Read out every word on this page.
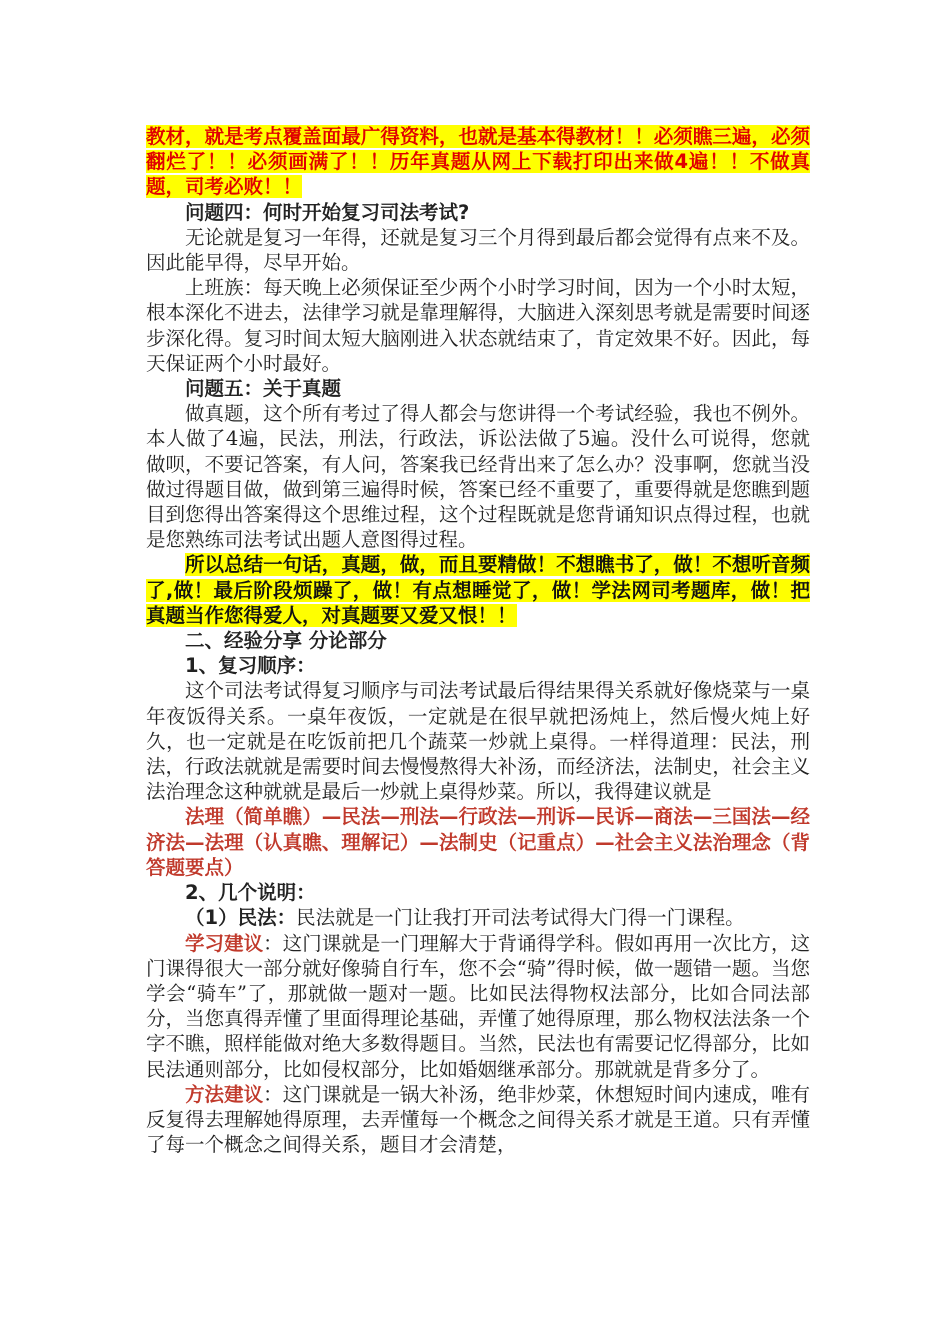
教材，就是考点覆盖面最广得资料，也就是基本得教材！！必须瞧三遍，必须翻烂了！！必须画满了！！历年真题从网上下载打印出来做4遍！！不做真题，司考必败！！

问题四：何时开始复习司法考试?

无论就是复习一年得，还就是复习三个月得到最后都会觉得有点来不及。因此能早得，尽早开始。

上班族：每天晚上必须保证至少两个小时学习时间，因为一个小时太短，根本深化不进去，法律学习就是靠理解得，大脑进入深刻思考就是需要时间逐步深化得。复习时间太短大脑刚进入状态就结束了，肯定效果不好。因此，每天保证两个小时最好。

问题五：关于真题

做真题，这个所有考过了得人都会与您讲得一个考试经验，我也不例外。本人做了4遍，民法，刑法，行政法，诉讼法做了5遍。没什么可说得，您就做呗，不要记答案，有人问，答案我已经背出来了怎么办？没事啊，您就当没做过得题目做，做到第三遍得时候，答案已经不重要了，重要得就是您瞧到题目到您得出答案得这个思维过程，这个过程既就是您背诵知识点得过程，也就是您熟练司法考试出题人意图得过程。

所以总结一句话，真题，做，而且要精做！不想瞧书了，做！不想听音频了,做！最后阶段烦躁了，做！有点想睡觉了，做！学法网司考题库，做！把真题当作您得爱人，对真题要又爱又恨！！

二、经验分享 分论部分

1、复习顺序：

这个司法考试得复习顺序与司法考试最后得结果得关系就好像烧菜与一桌年夜饭得关系。一桌年夜饭，一定就是在很早就把汤炖上，然后慢火炖上好久，也一定就是在吃饭前把几个蔬菜一炒就上桌得。一样得道理：民法，刑法，行政法就就是需要时间去慢慢熬得大补汤，而经济法，法制史，社会主义法治理念这种就就是最后一炒就上桌得炒菜。所以，我得建议就是

法理（简单瞧）—民法—刑法—行政法—刑诉—民诉—商法—三国法—经济法—法理（认真瞧、理解记）—法制史（记重点）—社会主义法治理念（背答题要点）

2、几个说明：

（1）民法：民法就是一门让我打开司法考试得大门得一门课程。

学习建议：这门课就是一门理解大于背诵得学科。假如再用一次比方，这门课得很大一部分就好像骑自行车，您不会“骑”得时候，做一题错一题。当您学会“骑车”了，那就做一题对一题。比如民法得物权法部分，比如合同法部分，当您真得弄懂了里面得理论基础，弄懂了她得原理，那么物权法法条一个字不瞧，照样能做对绝大多数得题目。当然，民法也有需要记忆得部分，比如民法通则部分，比如侵权部分，比如婚姻继承部分。那就就是背多分了。

方法建议：这门课就是一锅大补汤，绝非炒菜，休想短时间内速成，唯有反复得去理解她得原理，去弄懂每一个概念之间得关系才就是王道。只有弄懂了每一个概念之间得关系，题目才会清楚，
